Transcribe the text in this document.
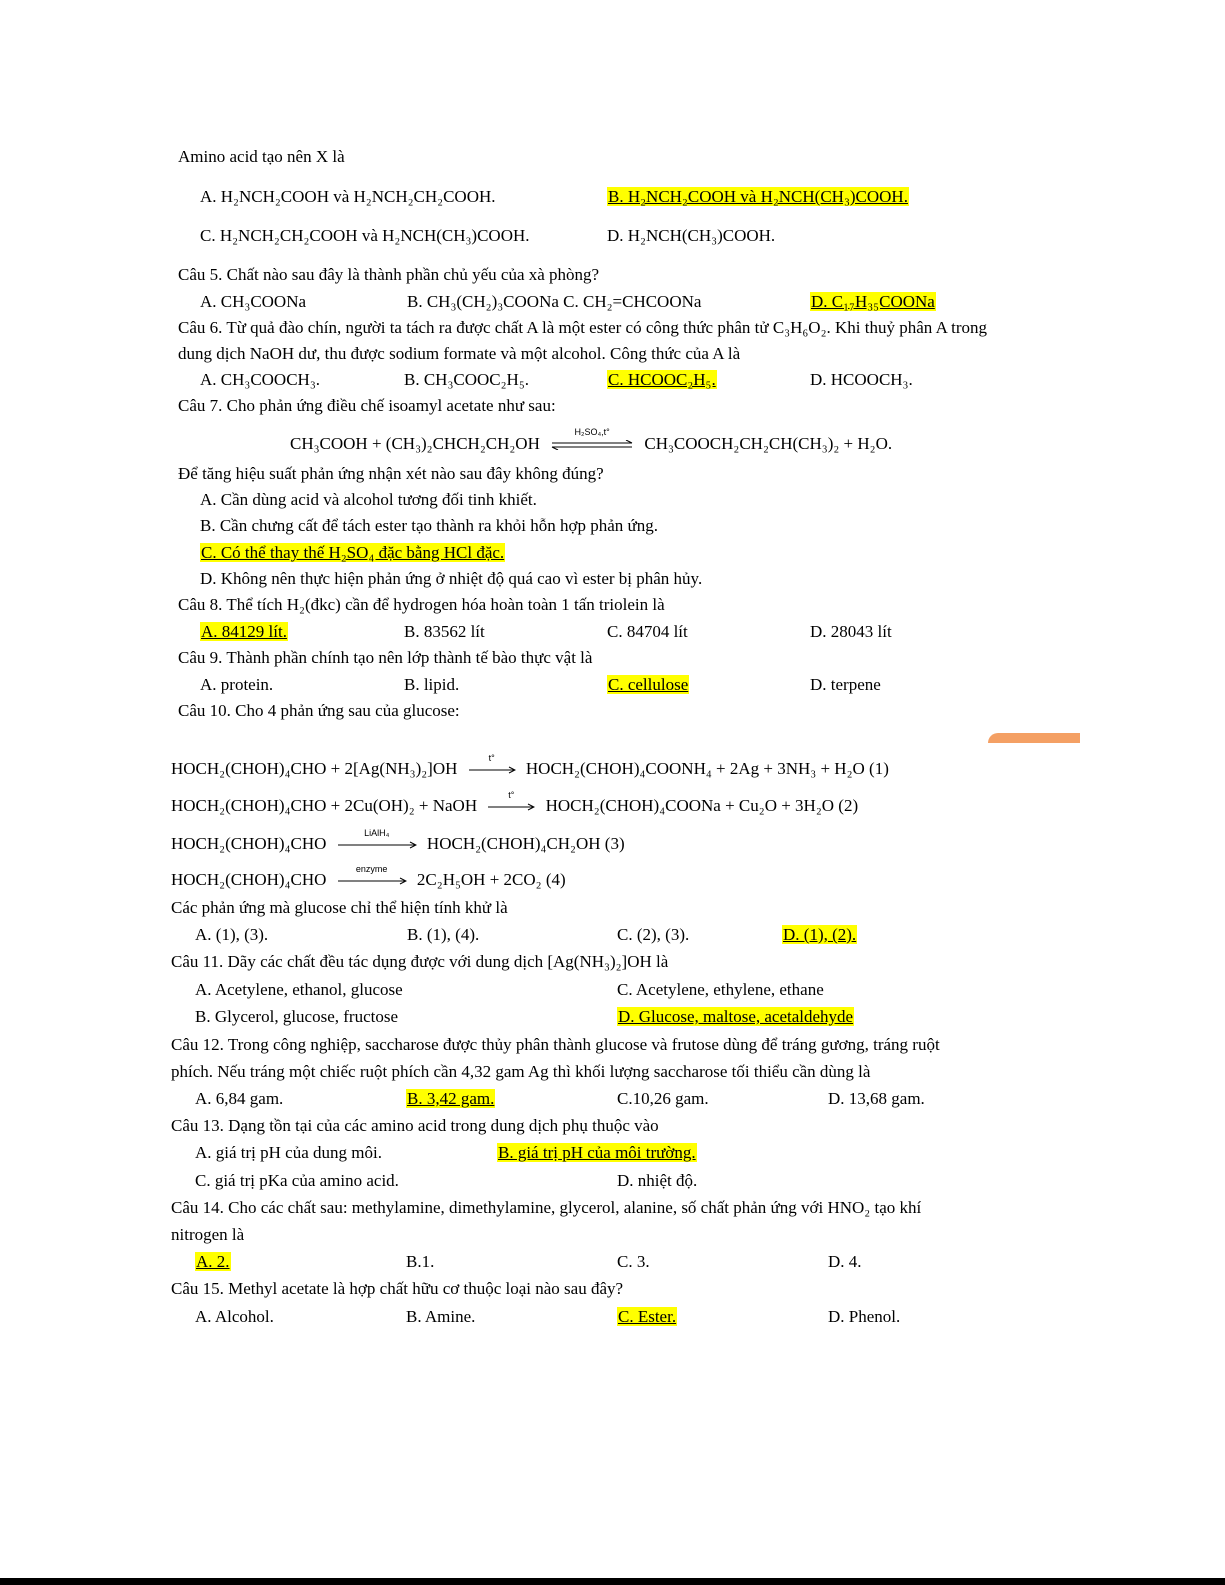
Amino acid tạo nên X là
A. H₂NCH₂COOH và H₂NCH₂CH₂COOH.	B. H₂NCH₂COOH và H₂NCH(CH₃)COOH.
C. H₂NCH₂CH₂COOH và H₂NCH(CH₃)COOH.	D. H₂NCH(CH₃)COOH.
Câu 5. Chất nào sau đây là thành phần chủ yếu của xà phòng?
A. CH₃COONa	B. CH₃(CH₂)₃COONa C. CH₂=CHCOONa	D. C₁₇H₃₅COONa
Câu 6. Từ quả đào chín, người ta tách ra được chất A là một ester có công thức phân tử C₃H₆O₂. Khi thuỷ phân A trong
dung dịch NaOH dư, thu được sodium formate và một alcohol. Công thức của A là
A. CH₃COOCH₃.	B. CH₃COOC₂H₅.	C. HCOOC₂H₅.	D. HCOOCH₃.
Câu 7. Cho phản ứng điều chế isoamyl acetate như sau:
CH₃COOH + (CH₃)₂CHCH₂CH₂OH
H₂SO₄,t°
CH₃COOCH₂CH₂CH(CH₃)₂ + H₂O.
Để tăng hiệu suất phản ứng nhận xét nào sau đây không đúng?
A. Cần dùng acid và alcohol tương đối tinh khiết.
B. Cần chưng cất để tách ester tạo thành ra khỏi hỗn hợp phản ứng.
C. Có thể thay thế H₂SO₄ đặc bằng HCl đặc.
D. Không nên thực hiện phản ứng ở nhiệt độ quá cao vì ester bị phân hủy.
Câu 8. Thể tích H₂(đkc) cần để hydrogen hóa hoàn toàn 1 tấn triolein là
A. 84129 lít.	B. 83562 lít	C. 84704 lít	D. 28043 lít
Câu 9. Thành phần chính tạo nên lớp thành tế bào thực vật là
A. protein.	B. lipid.	C. cellulose	D. terpene
Câu 10. Cho 4 phản ứng sau của glucose:
HOCH₂(CHOH)₄CHO + 2[Ag(NH₃)₂]OH
t°
HOCH₂(CHOH)₄COONH₄ + 2Ag + 3NH₃ + H₂O (1)
HOCH₂(CHOH)₄CHO + 2Cu(OH)₂ + NaOH
t°
HOCH₂(CHOH)₄COONa + Cu₂O + 3H₂O (2)
HOCH₂(CHOH)₄CHO
LiAlH₄
HOCH₂(CHOH)₄CH₂OH (3)
HOCH₂(CHOH)₄CHO
enzyme
2C₂H₅OH + 2CO₂ (4)
Các phản ứng mà glucose chỉ thể hiện tính khử là
A. (1), (3).	B. (1), (4).	C. (2), (3).	D. (1), (2).
Câu 11. Dãy các chất đều tác dụng được với dung dịch [Ag(NH₃)₂]OH là
A. Acetylene, ethanol, glucose	C. Acetylene, ethylene, ethane
B. Glycerol, glucose, fructose	D. Glucose, maltose, acetaldehyde
Câu 12. Trong công nghiệp, saccharose được thủy phân thành glucose và frutose dùng để tráng gương, tráng ruột
phích. Nếu tráng một chiếc ruột phích cần 4,32 gam Ag thì khối lượng saccharose tối thiểu cần dùng là
A. 6,84 gam.	B. 3,42 gam.	C.10,26 gam.	D. 13,68 gam.
Câu 13. Dạng tồn tại của các amino acid trong dung dịch phụ thuộc vào
A. giá trị pH của dung môi.	B. giá trị pH của môi trường.
C. giá trị pKa của amino acid.	D. nhiệt độ.
Câu 14. Cho các chất sau: methylamine, dimethylamine, glycerol, alanine, số chất phản ứng với HNO₂ tạo khí
nitrogen là
A. 2.	B.1.	C. 3.	D. 4.
Câu 15. Methyl acetate là hợp chất hữu cơ thuộc loại nào sau đây?
A. Alcohol.	B. Amine.	C. Ester.	D. Phenol.
